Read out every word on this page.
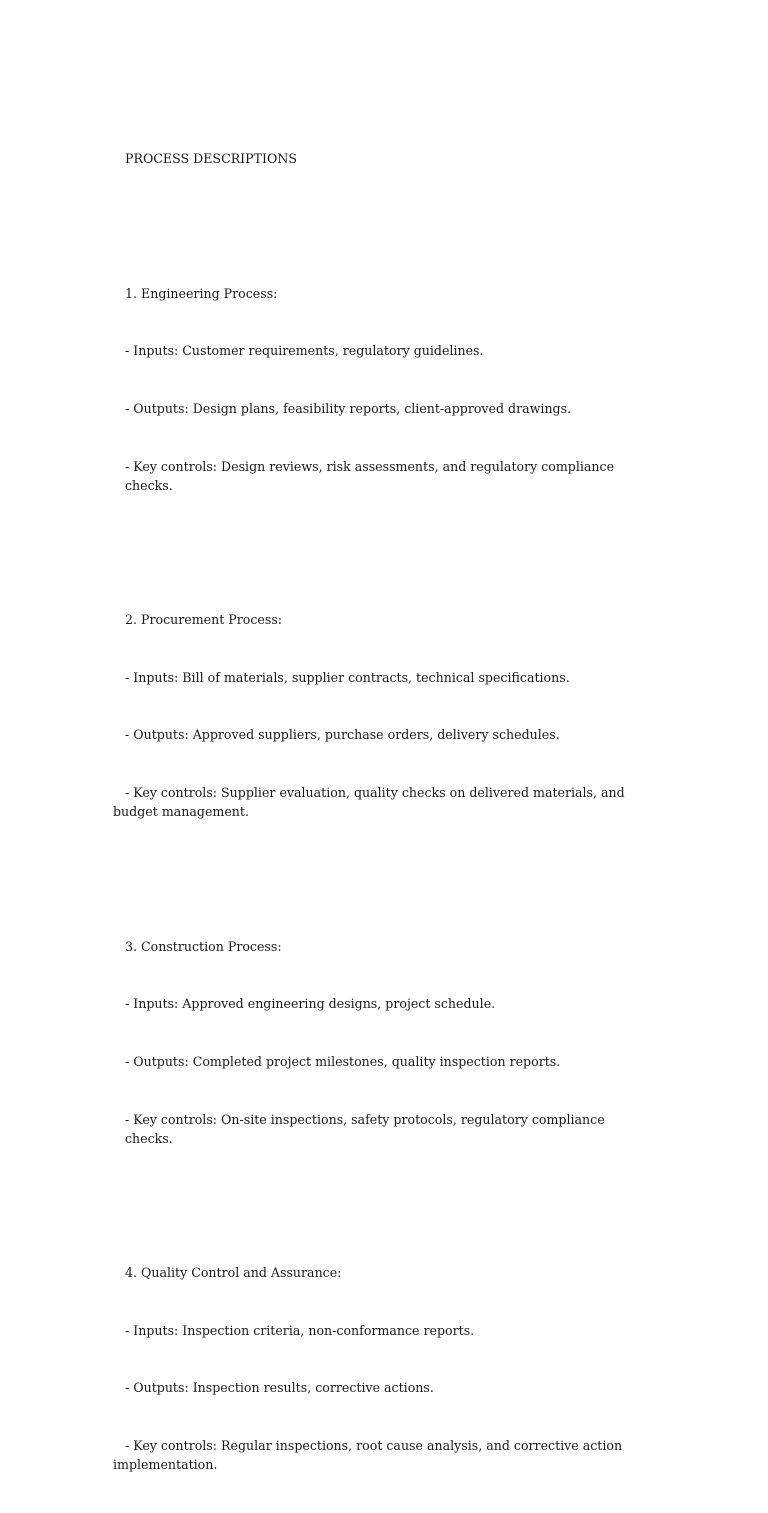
PROCESS DESCRIPTIONS

1. Engineering Process:

- Inputs: Customer requirements, regulatory guidelines.

- Outputs: Design plans, feasibility reports, client-approved drawings.

- Key controls: Design reviews, risk assessments, and regulatory compliance checks.

2. Procurement Process:

- Inputs: Bill of materials, supplier contracts, technical specifications.

- Outputs: Approved suppliers, purchase orders, delivery schedules.

- Key controls: Supplier evaluation, quality checks on delivered materials, and budget management.

3. Construction Process:

- Inputs: Approved engineering designs, project schedule.

- Outputs: Completed project milestones, quality inspection reports.

- Key controls: On-site inspections, safety protocols, regulatory compliance checks.

4. Quality Control and Assurance:

- Inputs: Inspection criteria, non-conformance reports.

- Outputs: Inspection results, corrective actions.

- Key controls: Regular inspections, root cause analysis, and corrective action implementation.
